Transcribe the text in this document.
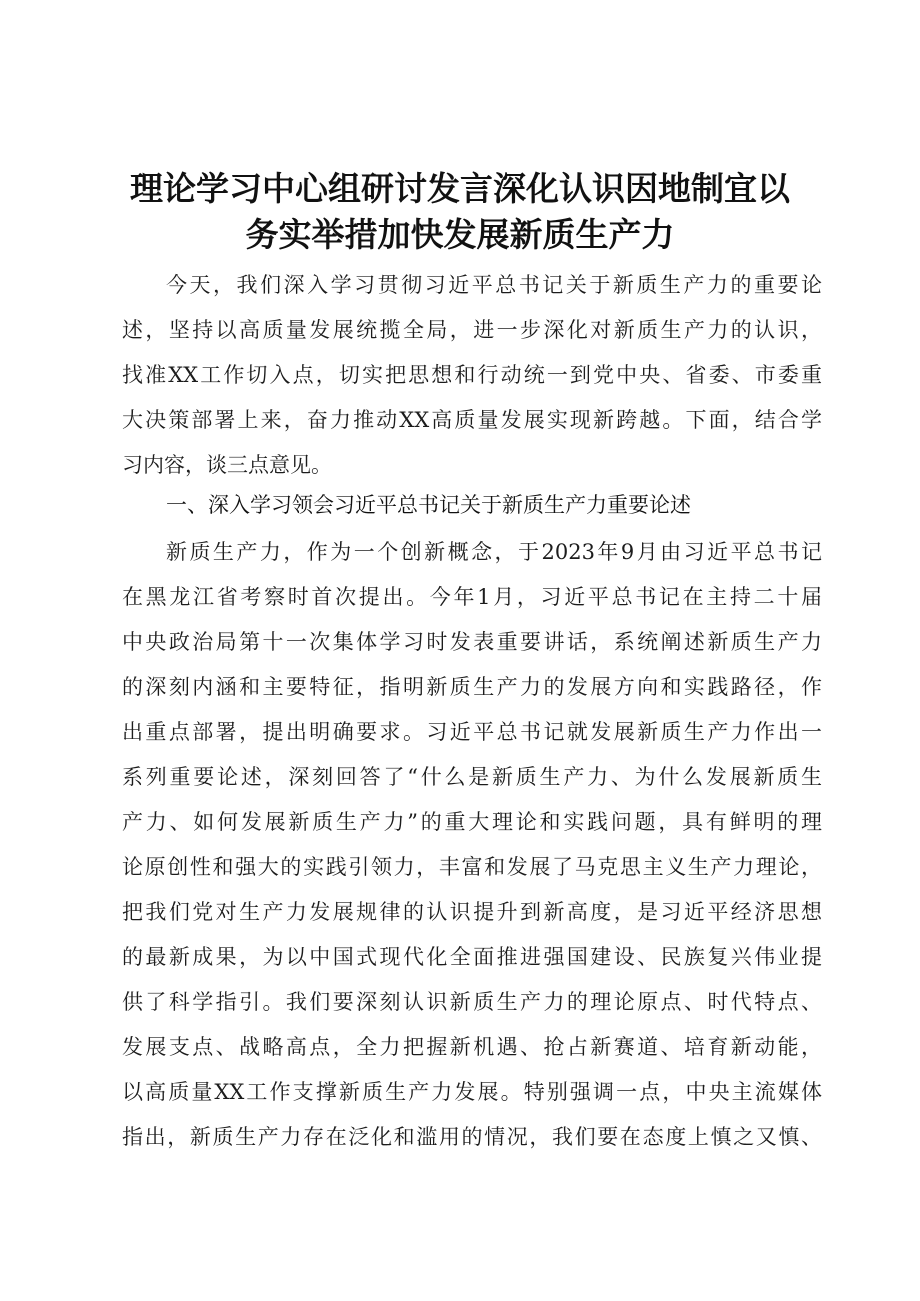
理论学习中心组研讨发言深化认识因地制宜以
务实举措加快发展新质生产力
今天，我们深入学习贯彻习近平总书记关于新质生产力的重要论
述，坚持以高质量发展统揽全局，进一步深化对新质生产力的认识，
找准XX工作切入点，切实把思想和行动统一到党中央、省委、市委重
大决策部署上来，奋力推动XX高质量发展实现新跨越。下面，结合学
习内容，谈三点意见。
一、深入学习领会习近平总书记关于新质生产力重要论述
新质生产力，作为一个创新概念，于2023年9月由习近平总书记
在黑龙江省考察时首次提出。今年1月，习近平总书记在主持二十届
中央政治局第十一次集体学习时发表重要讲话，系统阐述新质生产力
的深刻内涵和主要特征，指明新质生产力的发展方向和实践路径，作
出重点部署，提出明确要求。习近平总书记就发展新质生产力作出一
系列重要论述，深刻回答了“什么是新质生产力、为什么发展新质生
产力、如何发展新质生产力”的重大理论和实践问题，具有鲜明的理
论原创性和强大的实践引领力，丰富和发展了马克思主义生产力理论，
把我们党对生产力发展规律的认识提升到新高度，是习近平经济思想
的最新成果，为以中国式现代化全面推进强国建设、民族复兴伟业提
供了科学指引。我们要深刻认识新质生产力的理论原点、时代特点、
发展支点、战略高点，全力把握新机遇、抢占新赛道、培育新动能，
以高质量XX工作支撑新质生产力发展。特别强调一点，中央主流媒体
指出，新质生产力存在泛化和滥用的情况，我们要在态度上慎之又慎、
